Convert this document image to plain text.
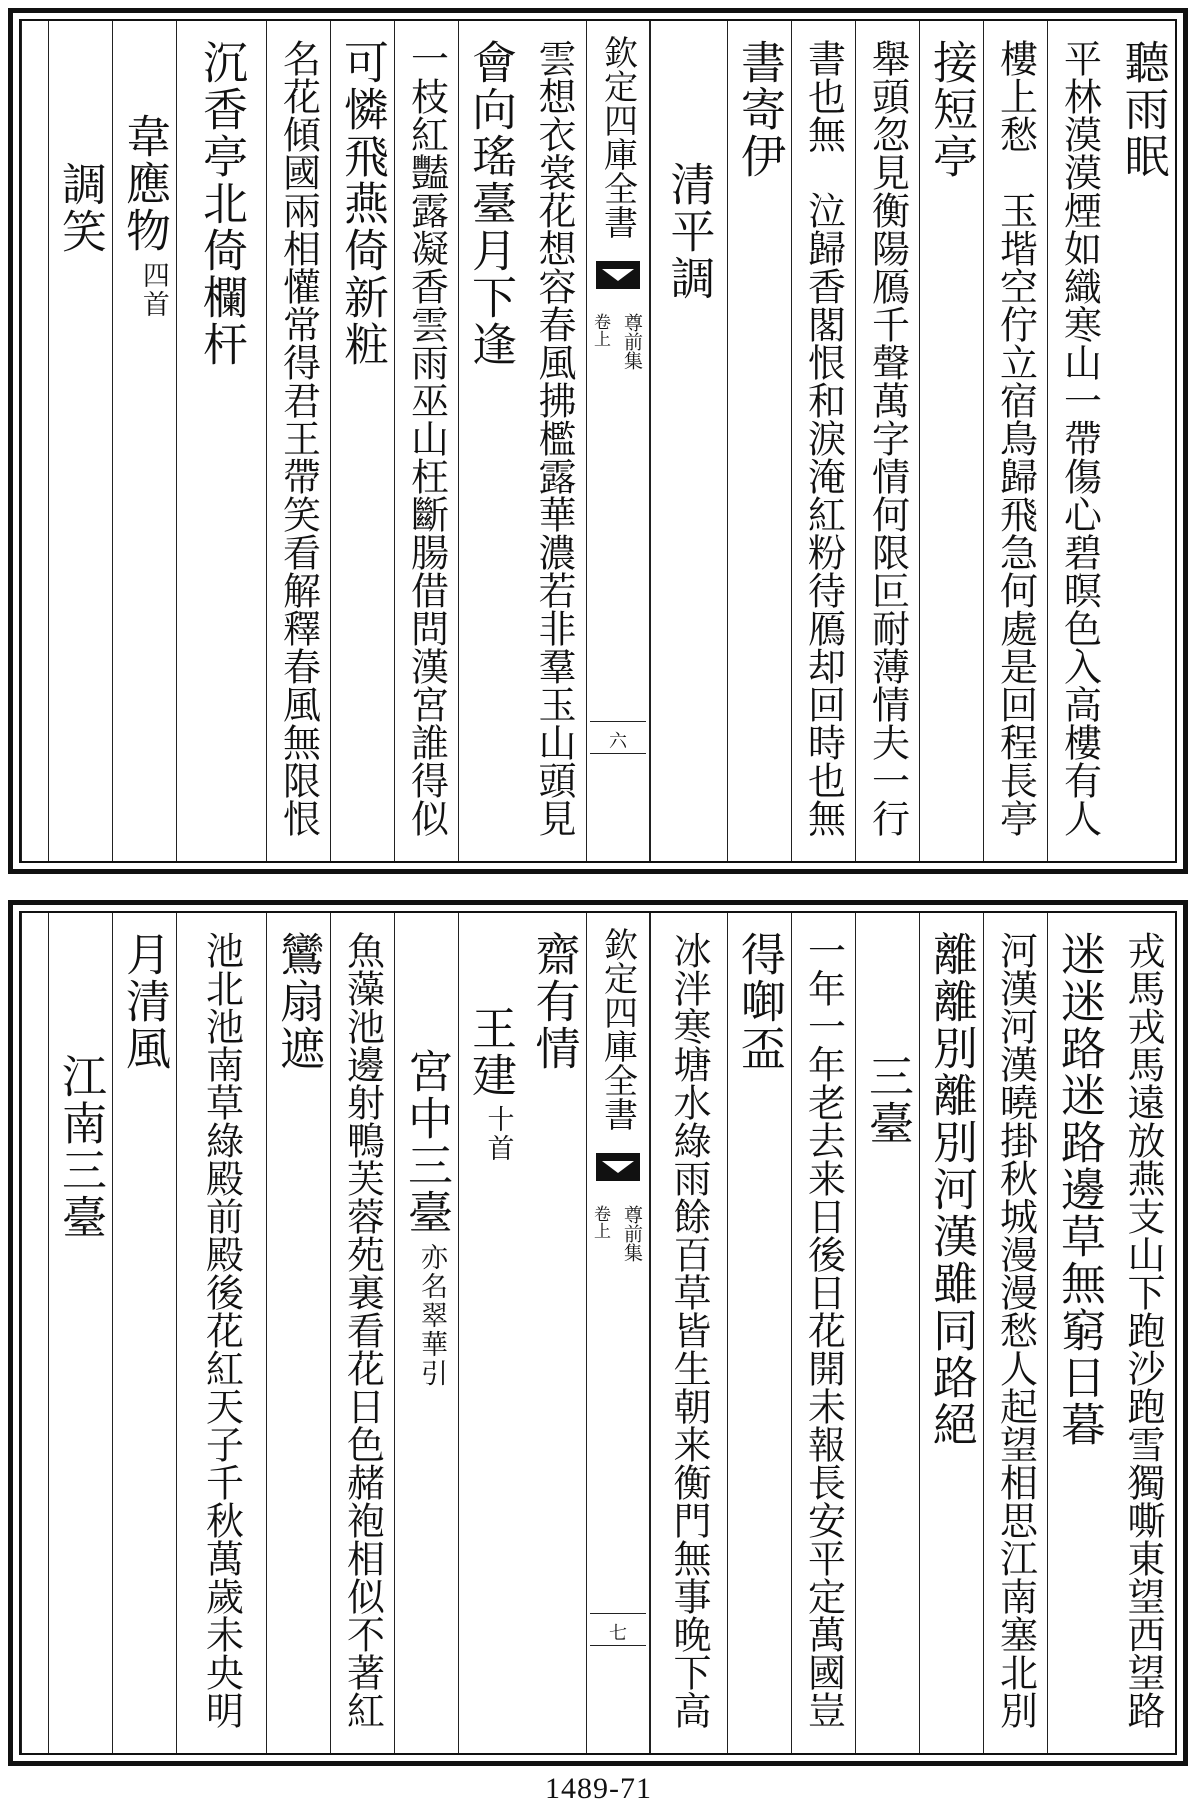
聽雨眠
平林漠漠煙如織寒山一帶傷心碧暝色入高樓有人
樓上愁　玉堦空佇立宿鳥歸飛急何處是回程長亭
接短亭
舉頭忽見衡陽鴈千聲萬字情何限叵耐薄情夫一行
書也無　泣歸香閣恨和淚淹紅粉待鴈却回時也無
書寄伊
清平調
欽定四庫全書
尊前集
卷上
六
雲想衣裳花想容春風拂檻露華濃若非羣玉山頭見
會向瑤臺月下逢
一枝紅豔露凝香雲雨巫山枉斷腸借問漢宮誰得似
可憐飛燕倚新粧
名花傾國兩相懽常得君王帶笑看解釋春風無限恨
沉香亭北倚欄杆
韋應物
四首
調笑
戎馬戎馬遠放燕支山下跑沙跑雪獨嘶東望西望路
迷迷路迷路邊草無窮日暮
河漢河漢曉掛秋城漫漫愁人起望相思江南塞北別
離離別離別河漢雖同路絕
三臺
一年一年老去来日後日花開未報長安平定萬國豈
得啣盃
冰泮寒塘水綠雨餘百草皆生朝来衡門無事晚下高
欽定四庫全書
尊前集
卷上
七
齋有情
王建
十首
宮中三臺
亦名翠華引
魚藻池邊射鴨芙蓉苑裏看花日色赭袍相似不著紅
鸞扇遮
池北池南草綠殿前殿後花紅天子千秋萬歲未央明
月清風
江南三臺
1489-71
